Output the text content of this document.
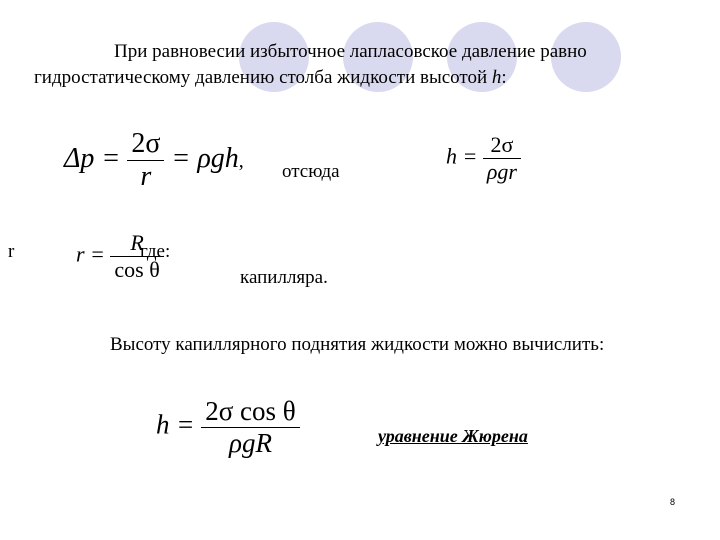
При равновесии избыточное лапласовское давление равно
гидростатическому давлению столба жидкости высотой h:
$\Delta p = \frac{2\sigma}{r} = \rho gh$, отсюда
$h = \frac{2\sigma}{\text{ρgr}}$
r	$r = \frac{R}{\text{cos θ}}$
где:
капилляра.
Высоту капиллярного поднятия жидкости можно вычислить:
$h = \frac{\text{2σ cos θ}}{\text{ρgR}}$	уравнение Жюрена
8
